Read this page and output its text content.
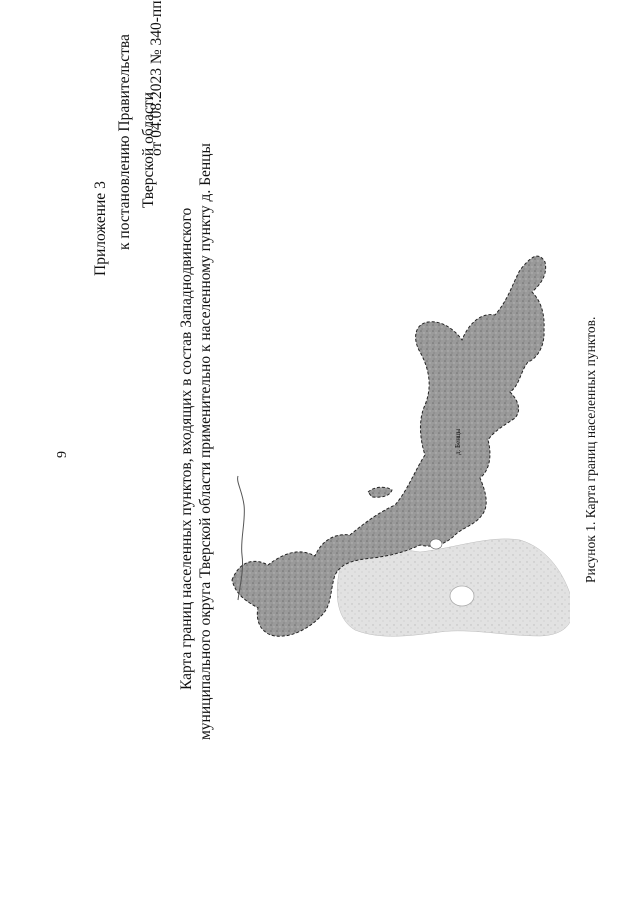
9
Приложение 3 к постановлению Правительства Тверской области
от 04.08.2023 № 340-пп
Карта границ населенных пунктов, входящих в состав Западнодвинского муниципального округа Тверской области применительно к населенному пункту д. Бенцы	д. Бенцы	Рисунок 1. Карта границ населенных пунктов.
